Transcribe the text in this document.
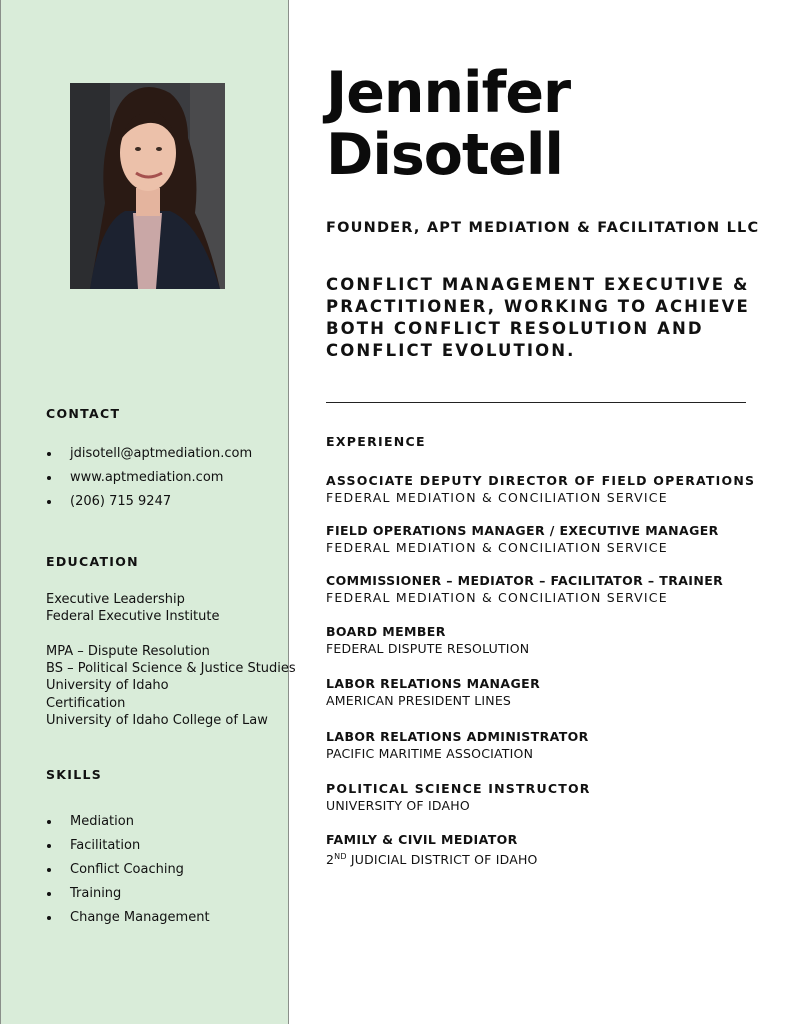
CONTACT
jdisotell@aptmediation.com
www.aptmediation.com
(206) 715 9247
EDUCATION
Executive Leadership
Federal Executive Institute
MPA – Dispute Resolution
BS – Political Science & Justice Studies
University of Idaho
Certification
University of Idaho College of Law
SKILLS
Mediation
Facilitation
Conflict Coaching
Training
Change Management
Jennifer
Disotell
FOUNDER, APT MEDIATION & FACILITATION LLC
CONFLICT MANAGEMENT EXECUTIVE &
PRACTITIONER, WORKING TO ACHIEVE
BOTH CONFLICT RESOLUTION AND
CONFLICT EVOLUTION.
EXPERIENCE
ASSOCIATE DEPUTY DIRECTOR OF FIELD OPERATIONS
FEDERAL MEDIATION & CONCILIATION SERVICE
FIELD OPERATIONS MANAGER / EXECUTIVE MANAGER
FEDERAL MEDIATION & CONCILIATION SERVICE
COMMISSIONER – MEDIATOR – FACILITATOR – TRAINER
FEDERAL MEDIATION & CONCILIATION SERVICE
BOARD MEMBER
FEDERAL DISPUTE RESOLUTION
LABOR RELATIONS MANAGER
AMERICAN PRESIDENT LINES
LABOR RELATIONS ADMINISTRATOR
PACIFIC MARITIME ASSOCIATION
POLITICAL SCIENCE INSTRUCTOR
UNIVERSITY OF IDAHO
FAMILY & CIVIL MEDIATOR
2ND JUDICIAL DISTRICT OF IDAHO
